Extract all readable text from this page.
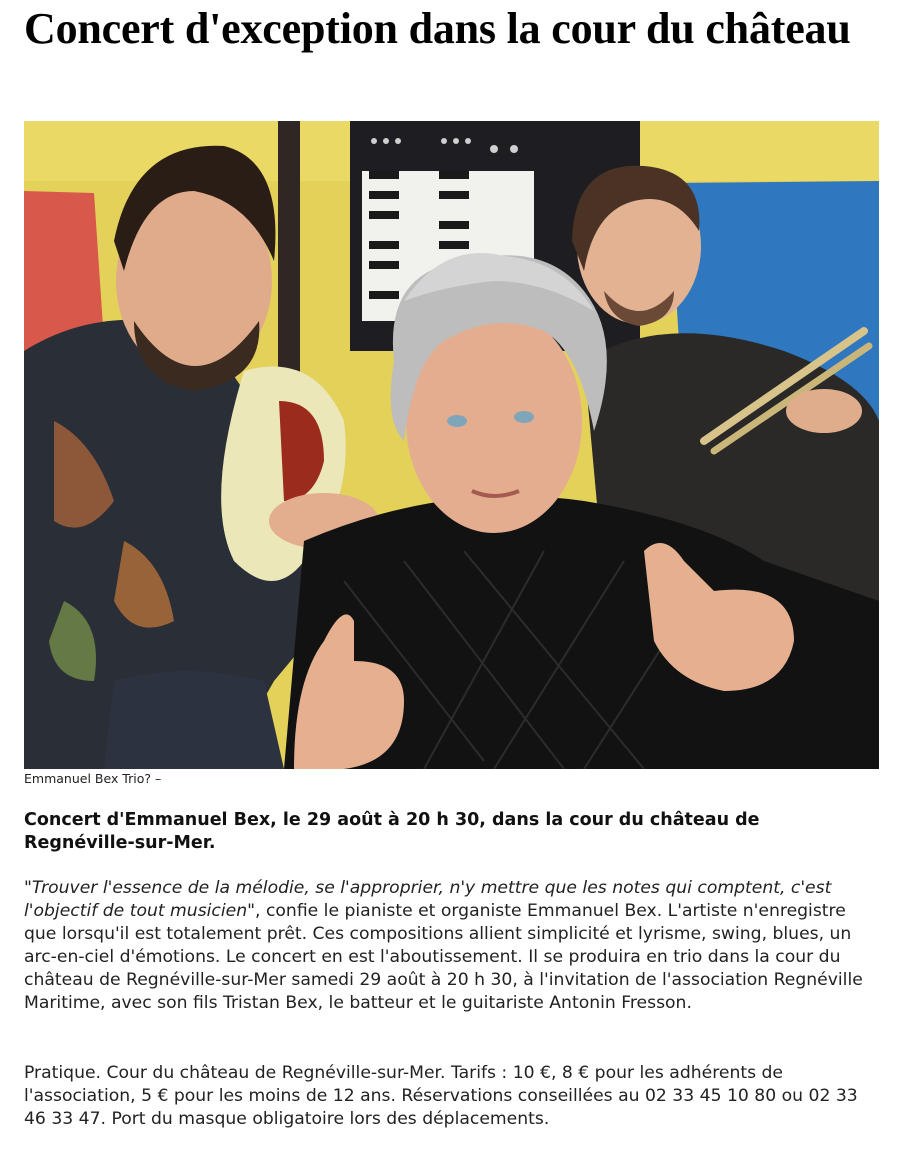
Concert d'exception dans la cour du château

Emmanuel Bex Trio? –

Concert d'Emmanuel Bex, le 29 août à 20 h 30, dans la cour du château de Regnéville-sur-Mer.

"Trouver l'essence de la mélodie, se l'approprier, n'y mettre que les notes qui comptent, c'est l'objectif de tout musicien", confie le pianiste et organiste Emmanuel Bex. L'artiste n'enregistre que lorsqu'il est totalement prêt. Ces compositions allient simplicité et lyrisme, swing, blues, un arc-en-ciel d'émotions. Le concert en est l'aboutissement. Il se produira en trio dans la cour du château de Regnéville-sur-Mer samedi 29 août à 20 h 30, à l'invitation de l'association Regnéville Maritime, avec son fils Tristan Bex, le batteur et le guitariste Antonin Fresson.

Pratique. Cour du château de Regnéville-sur-Mer. Tarifs : 10 €, 8 € pour les adhérents de l'association, 5 € pour les moins de 12 ans. Réservations conseillées au 02 33 45 10 80 ou 02 33 46 33 47. Port du masque obligatoire lors des déplacements.
